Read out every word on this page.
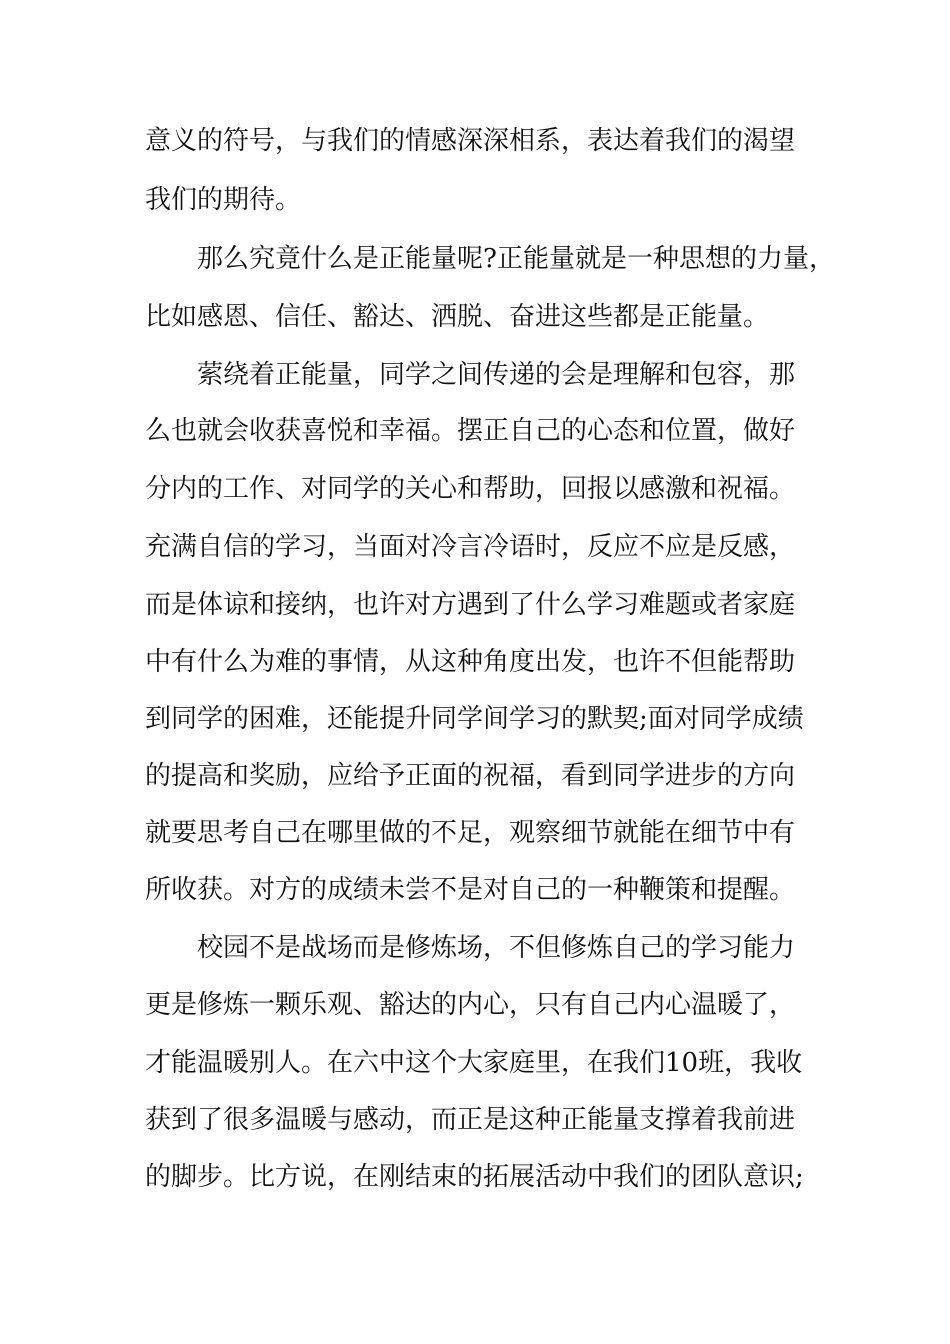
意义的符号，与我们的情感深深相系，表达着我们的渴望

我们的期待。

那么究竟什么是正能量呢?正能量就是一种思想的力量，

比如感恩、信任、豁达、洒脱、奋进这些都是正能量。

萦绕着正能量，同学之间传递的会是理解和包容，那

么也就会收获喜悦和幸福。摆正自己的心态和位置，做好

分内的工作、对同学的关心和帮助，回报以感激和祝福。

充满自信的学习，当面对冷言冷语时，反应不应是反感，

而是体谅和接纳，也许对方遇到了什么学习难题或者家庭

中有什么为难的事情，从这种角度出发，也许不但能帮助

到同学的困难，还能提升同学间学习的默契;面对同学成绩

的提高和奖励，应给予正面的祝福，看到同学进步的方向

就要思考自己在哪里做的不足，观察细节就能在细节中有

所收获。对方的成绩未尝不是对自己的一种鞭策和提醒。

校园不是战场而是修炼场，不但修炼自己的学习能力

更是修炼一颗乐观、豁达的内心，只有自己内心温暖了，

才能温暖别人。在六中这个大家庭里，在我们10班，我收

获到了很多温暖与感动，而正是这种正能量支撑着我前进

的脚步。比方说，在刚结束的拓展活动中我们的团队意识;
